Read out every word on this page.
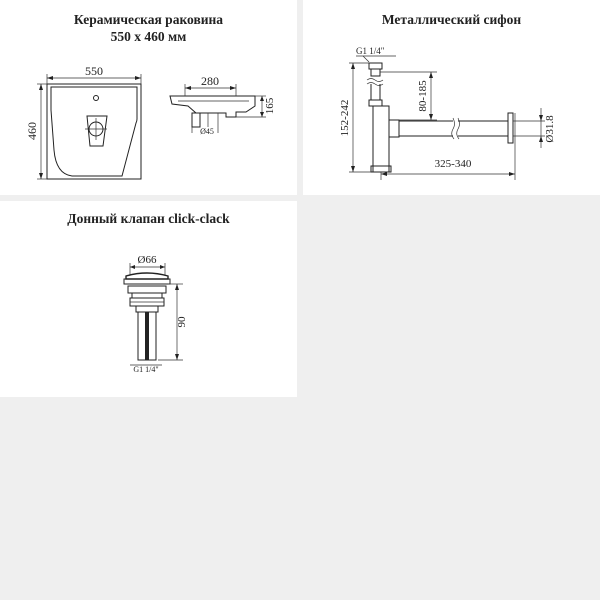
Керамическая раковина
550 x 460 мм
550
460
280
165
Ø45
Металлический сифон
G1 1/4"
80-185
152-242
325-340
Ø31.8
Донный клапан click-clack
Ø66
90
G1 1/4"
